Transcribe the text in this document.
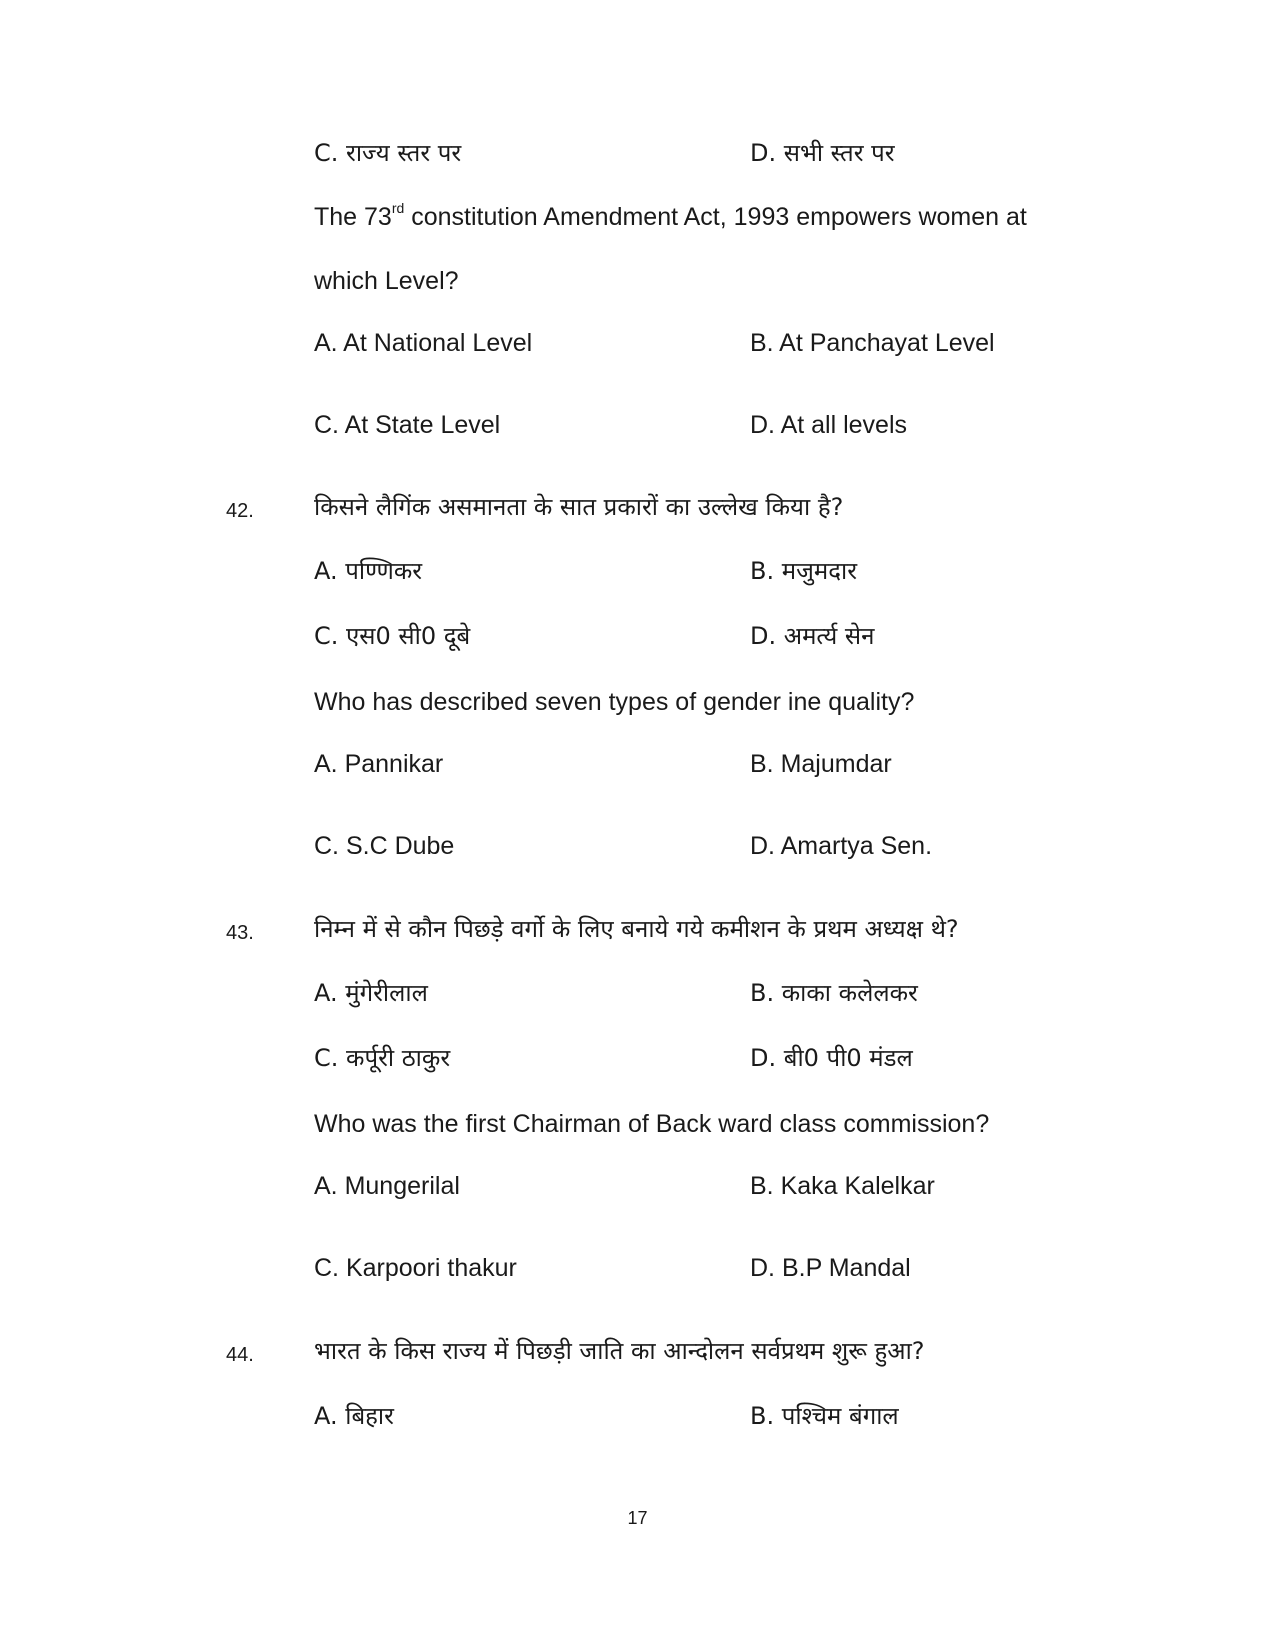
C. राज्य स्तर पर	D. सभी स्तर पर
The 73rd constitution Amendment Act, 1993 empowers women at
which Level?
A. At National Level	B. At Panchayat Level
C. At State Level	D. At all levels
42.	किसने लैगिंक असमानता के सात प्रकारों का उल्लेख किया है?
A. पण्णिकर	B. मजुमदार
C. एस0 सी0 दूबे	D. अमर्त्य सेन
Who has described seven types of gender ine quality?
A. Pannikar	B. Majumdar
C. S.C Dube	D. Amartya Sen.
43.	निम्न में से कौन पिछड़े वर्गो के लिए बनाये गये कमीशन के प्रथम अध्यक्ष थे?
A. मुंगेरीलाल	B. काका कलेलकर
C. कर्पूरी ठाकुर	D. बी0 पी0 मंडल
Who was the first Chairman of Back ward class commission?
A. Mungerilal	B. Kaka Kalelkar
C. Karpoori thakur	D. B.P Mandal
44.	भारत के किस राज्य में पिछड़ी जाति का आन्दोलन सर्वप्रथम शुरू हुआ?
A. बिहार	B. पश्चिम बंगाल
17
